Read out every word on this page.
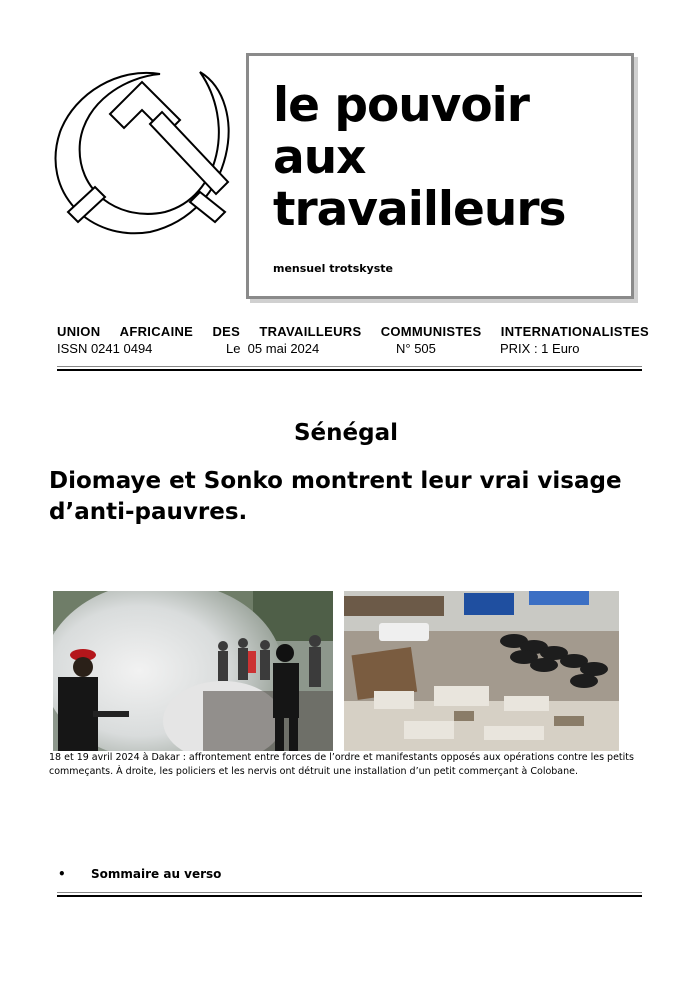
le pouvoir
aux
travailleurs
mensuel trotskyste
UNION AFRICAINE DES TRAVAILLEURS COMMUNISTES INTERNATIONALISTES
ISSN 0241 0494	Le  05 mai 2024	N° 505	PRIX : 1 Euro
Sénégal
Diomaye et Sonko montrent leur vrai visage
d’anti-pauvres.
18 et 19 avril 2024 à Dakar : affrontement entre forces de l’ordre et manifestants opposés aux opérations contre les petits
commeçants. À droite, les policiers et les nervis ont détruit une installation d’un petit commerçant à Colobane.
• Sommaire au verso
